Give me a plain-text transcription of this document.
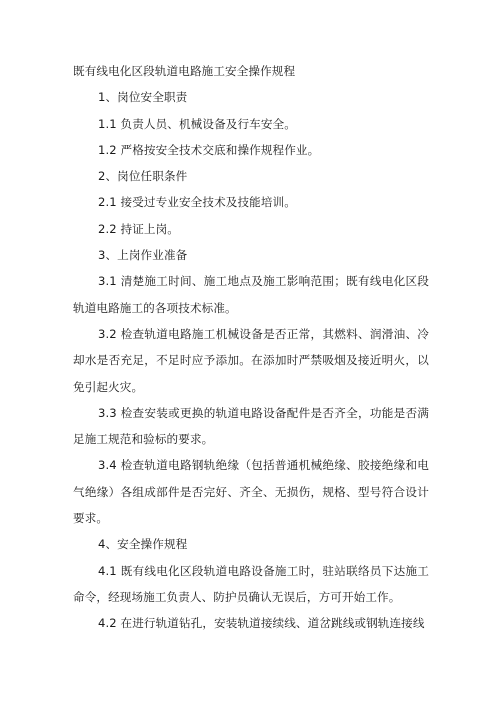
既有线电化区段轨道电路施工安全操作规程

1、岗位安全职责

1.1 负责人员、机械设备及行车安全。

1.2 严格按安全技术交底和操作规程作业。

2、岗位任职条件

2.1 接受过专业安全技术及技能培训。

2.2 持证上岗。

3、上岗作业准备

3.1 清楚施工时间、施工地点及施工影响范围；既有线电化区段轨道电路施工的各项技术标准。

3.2 检查轨道电路施工机械设备是否正常，其燃料、润滑油、冷却水是否充足，不足时应予添加。在添加时严禁吸烟及接近明火，以免引起火灾。

3.3 检查安装或更换的轨道电路设备配件是否齐全，功能是否满足施工规范和验标的要求。

3.4 检查轨道电路钢轨绝缘（包括普通机械绝缘、胶接绝缘和电气绝缘）各组成部件是否完好、齐全、无损伤，规格、型号符合设计要求。

4、安全操作规程

4.1 既有线电化区段轨道电路设备施工时，驻站联络员下达施工命令，经现场施工负责人、防护员确认无误后，方可开始工作。

4.2 在进行轨道钻孔，安装轨道接续线、道岔跳线或钢轨连接线
